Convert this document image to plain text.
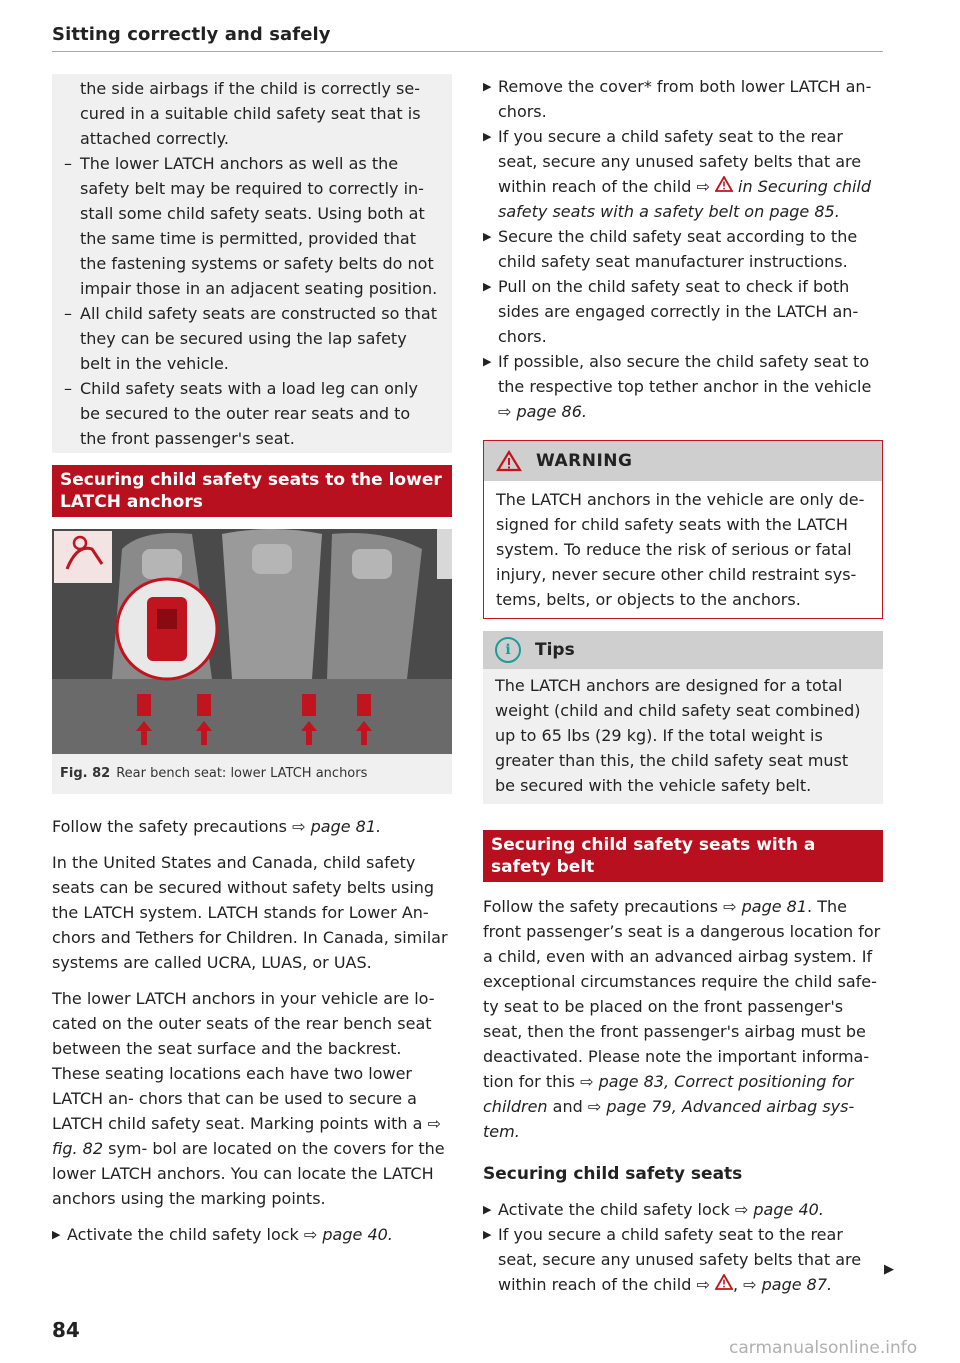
Sitting correctly and safely
the side airbags if the child is correctly se- cured in a suitable child safety seat that is attached correctly.
– The lower LATCH anchors as well as the safety belt may be required to correctly in- stall some child safety seats. Using both at the same time is permitted, provided that the fastening systems or safety belts do not impair those in an adjacent seating position.
– All child safety seats are constructed so that they can be secured using the lap safety belt in the vehicle.
– Child safety seats with a load leg can only be secured to the outer rear seats and to the front passenger's seat.
Securing child safety seats to the lower LATCH anchors
Fig. 82 Rear bench seat: lower LATCH anchors

Follow the safety precautions ⇨ page 81.

In the United States and Canada, child safety seats can be secured without safety belts using the LATCH system. LATCH stands for Lower An- chors and Tethers for Children. In Canada, similar systems are called UCRA, LUAS, or UAS.

The lower LATCH anchors in your vehicle are lo- cated on the outer seats of the rear bench seat between the seat surface and the backrest. These seating locations each have two lower LATCH an- chors that can be used to secure a LATCH child safety seat. Marking points with a ⇨ fig. 82 sym- bol are located on the covers for the lower LATCH anchors. You can locate the LATCH anchors using the marking points.

▶ Activate the child safety lock ⇨ page 40.
▶ Remove the cover* from both lower LATCH an- chors.
▶ If you secure a child safety seat to the rear seat, secure any unused safety belts that are within reach of the child ⇨  in Securing child safety seats with a safety belt on page 85.
▶ Secure the child safety seat according to the child safety seat manufacturer instructions.
▶ Pull on the child safety seat to check if both sides are engaged correctly in the LATCH an- chors.
▶ If possible, also secure the child safety seat to the respective top tether anchor in the vehicle ⇨ page 86.
WARNING
The LATCH anchors in the vehicle are only de- signed for child safety seats with the LATCH system. To reduce the risk of serious or fatal injury, never secure other child restraint sys- tems, belts, or objects to the anchors.
i	Tips
The LATCH anchors are designed for a total weight (child and child safety seat combined) up to 65 lbs (29 kg). If the total weight is greater than this, the child safety seat must be secured with the vehicle safety belt.
Securing child safety seats with a safety belt

Follow the safety precautions ⇨ page 81. The front passenger’s seat is a dangerous location for a child, even with an advanced airbag system. If exceptional circumstances require the child safe- ty seat to be placed on the front passenger's seat, then the front passenger's airbag must be deactivated. Please note the important informa- tion for this ⇨ page 83, Correct positioning for children and ⇨ page 79, Advanced airbag sys- tem.

Securing child safety seats
▶ Activate the child safety lock ⇨ page 40.
▶ If you secure a child safety seat to the rear seat, secure any unused safety belts that are within reach of the child ⇨ , ⇨ page 87.
▶
84
carmanualsonline.info
